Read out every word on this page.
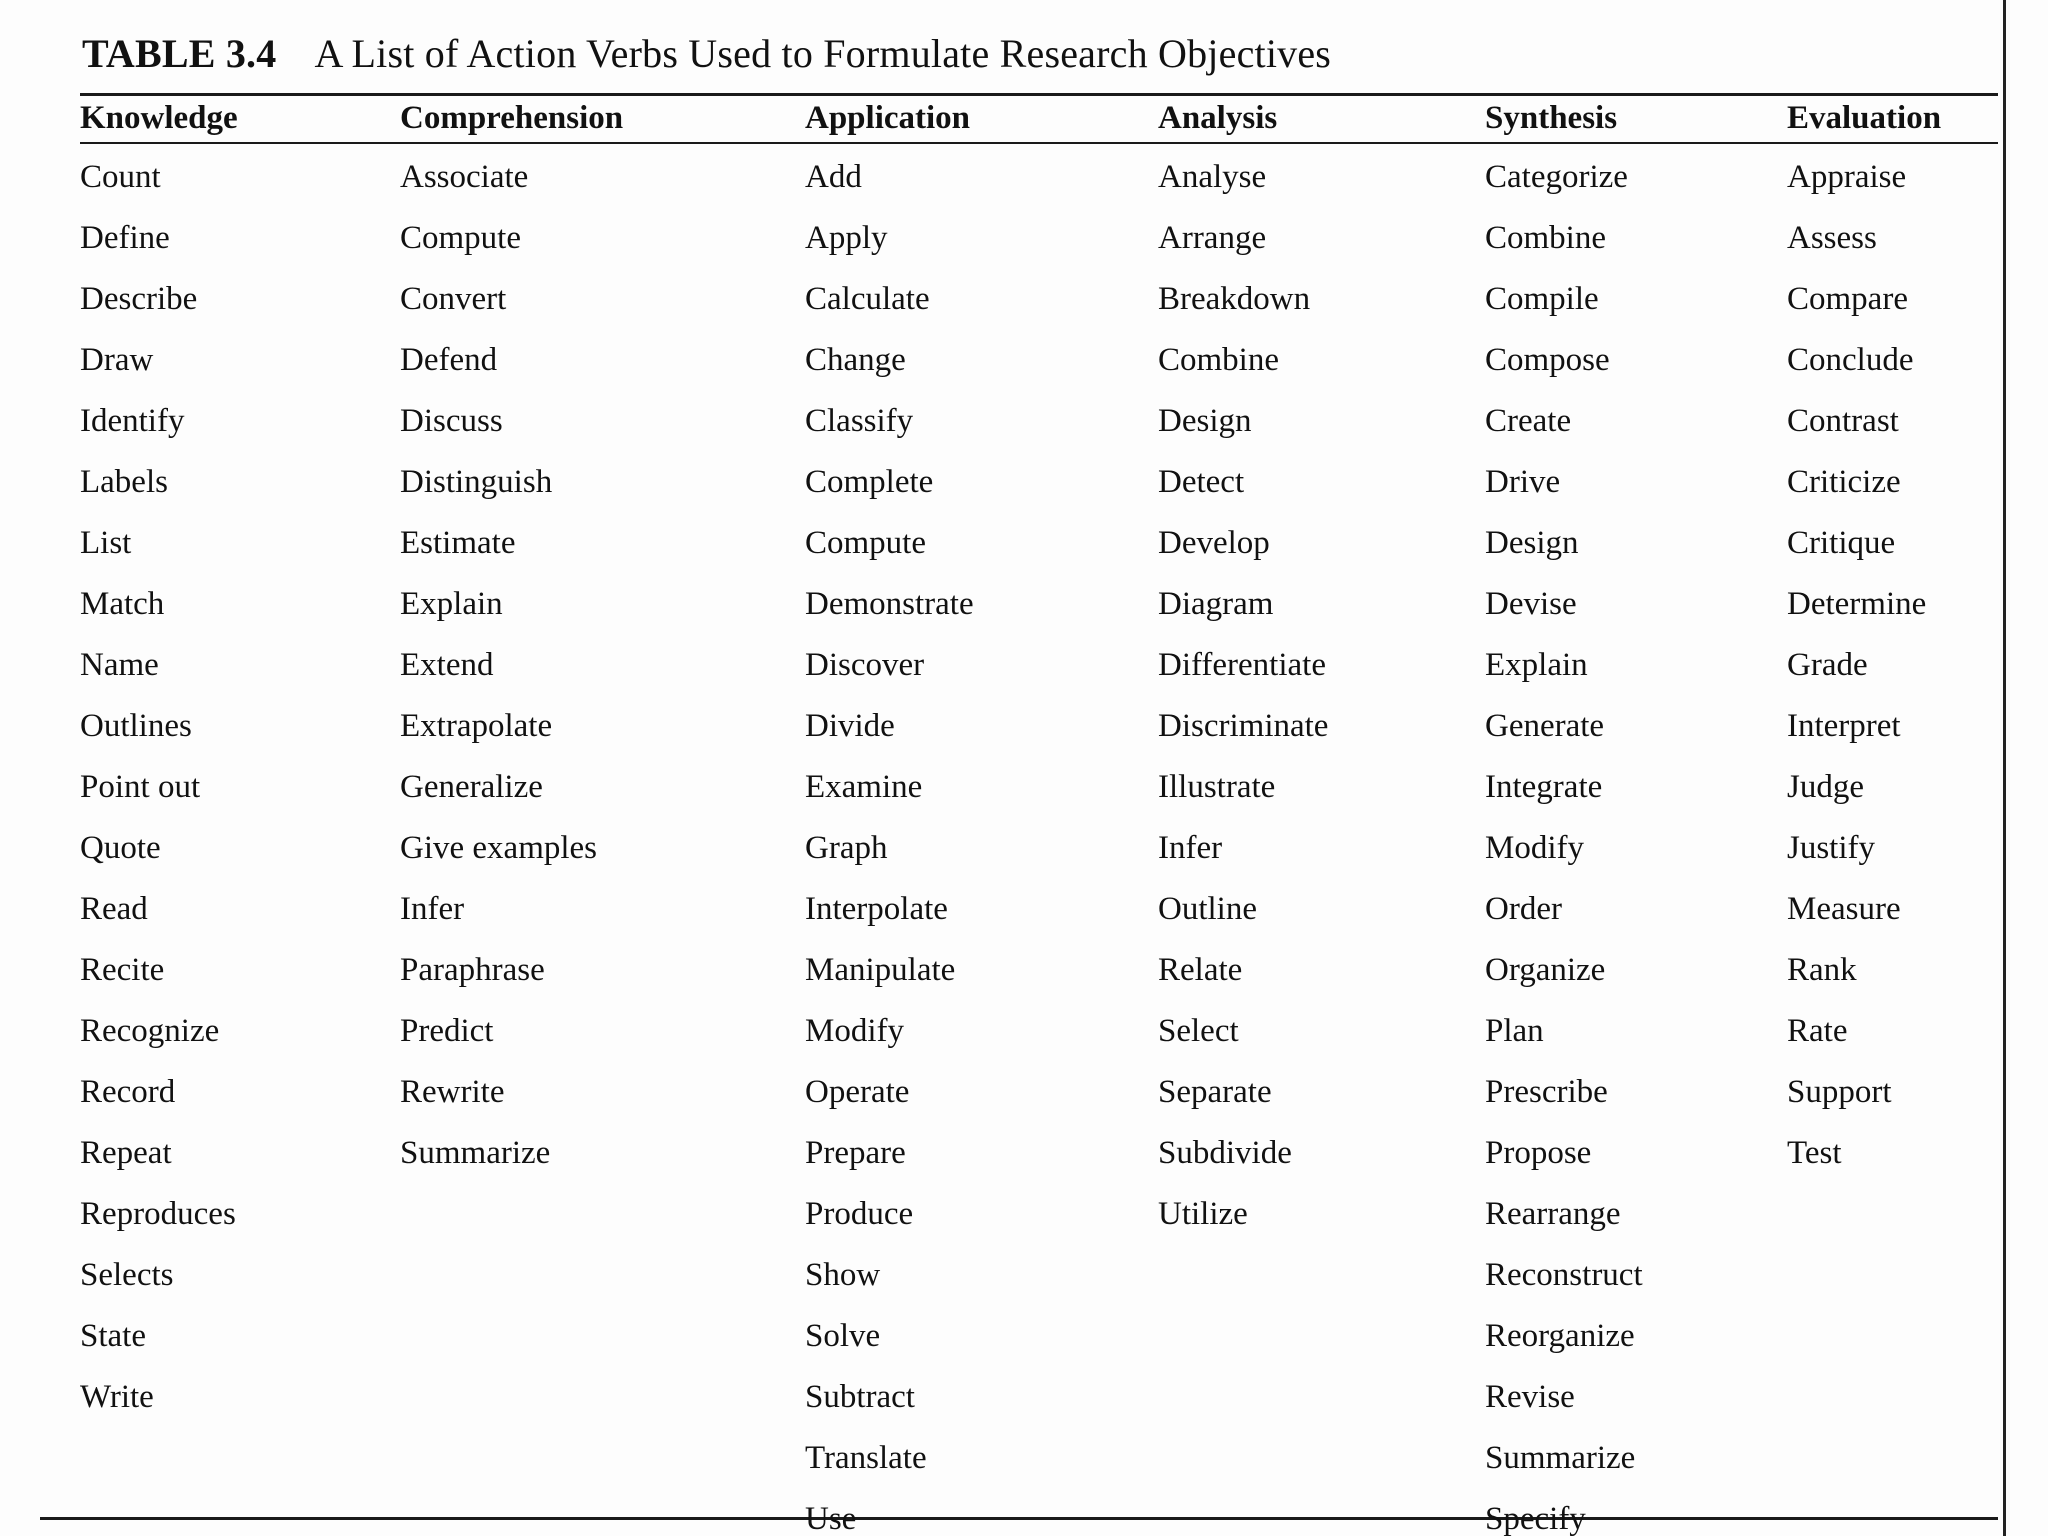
TABLE 3.4 A List of Action Verbs Used to Formulate Research Objectives
Knowledge
Count
Define
Describe
Draw
Identify
Labels
List
Match
Name
Outlines
Point out
Quote
Read
Recite
Recognize
Record
Repeat
Reproduces
Selects
State
Write
Comprehension
Associate
Compute
Convert
Defend
Discuss
Distinguish
Estimate
Explain
Extend
Extrapolate
Generalize
Give examples
Infer
Paraphrase
Predict
Rewrite
Summarize
Application
Add
Apply
Calculate
Change
Classify
Complete
Compute
Demonstrate
Discover
Divide
Examine
Graph
Interpolate
Manipulate
Modify
Operate
Prepare
Produce
Show
Solve
Subtract
Translate
Use
Analysis
Analyse
Arrange
Breakdown
Combine
Design
Detect
Develop
Diagram
Differentiate
Discriminate
Illustrate
Infer
Outline
Relate
Select
Separate
Subdivide
Utilize
Synthesis
Categorize
Combine
Compile
Compose
Create
Drive
Design
Devise
Explain
Generate
Integrate
Modify
Order
Organize
Plan
Prescribe
Propose
Rearrange
Reconstruct
Reorganize
Revise
Summarize
Specify
Evaluation
Appraise
Assess
Compare
Conclude
Contrast
Criticize
Critique
Determine
Grade
Interpret
Judge
Justify
Measure
Rank
Rate
Support
Test
